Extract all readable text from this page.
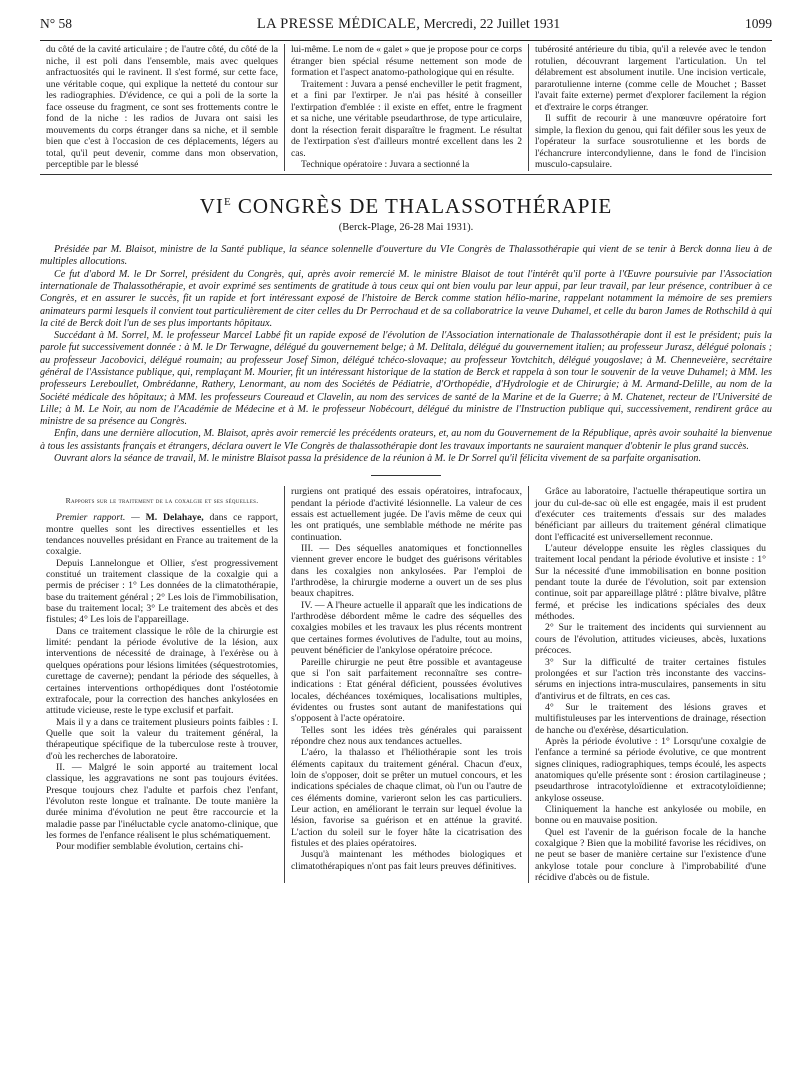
N° 58	LA PRESSE MÉDICALE, Mercredi, 22 Juillet 1931	1099

du côté de la cavité articulaire ; de l'autre côté, du côté de la niche, il est poli dans l'ensemble, mais avec quelques anfractuosités qui le ravinent. Il s'est formé, sur cette face, une véritable coque, qui explique la netteté du contour sur les radiographies. D'évidence, ce qui a poli de la sorte la face osseuse du fragment, ce sont ses frottements contre le fond de la niche : les radios de Juvara ont saisi les mouvements du corps étranger dans sa niche, et il semble bien que c'est à l'occasion de ces déplacements, légers au total, qu'il peut devenir, comme dans mon observation, perceptible par le blessé

lui-même. Le nom de « galet » que je propose pour ce corps étranger bien spécial résume nettement son mode de formation et l'aspect anatomo-pathologique qui en résulte.

Traitement : Juvara a pensé encheviller le petit fragment, et a fini par l'extirper. Je n'ai pas hésité à conseiller l'extirpation d'emblée : il existe en effet, entre le fragment et sa niche, une véritable pseudarthrose, de type articulaire, dont la résection ferait disparaître le fragment. Le résultat de l'extirpation s'est d'ailleurs montré excellent dans les 2 cas.

Technique opératoire : Juvara a sectionné la

tubérosité antérieure du tibia, qu'il a relevée avec le tendon rotulien, découvrant largement l'articulation. Un tel délabrement est absolument inutile. Une incision verticale, pararotulienne interne (comme celle de Mouchet ; Basset l'avait faite externe) permet d'explorer facilement la région et d'extraire le corps étranger.

Il suffit de recourir à une manœuvre opératoire fort simple, la flexion du genou, qui fait défiler sous les yeux de l'opérateur la surface sousrotulienne et les bords de l'échancrure intercondylienne, dans le fond de l'incision musculo-capsulaire.

$VI^E$ CONGRÈS DE THALASSOTHÉRAPIE
(Berck-Plage, 26-28 Mai 1931).

Présidée par M. Blaisot, ministre de la Santé publique, la séance solennelle d'ouverture du VIe Congrès de Thalassothérapie qui vient de se tenir à Berck donna lieu à de multiples allocutions.

Ce fut d'abord M. le Dr Sorrel, président du Congrès, qui, après avoir remercié M. le ministre Blaisot de tout l'intérêt qu'il porte à l'Œuvre poursuivie par l'Association internationale de Thalassothérapie, et avoir exprimé ses sentiments de gratitude à tous ceux qui ont bien voulu par leur appui, par leur travail, par leur présence, contribuer à ce Congrès, et en assurer le succès, fit un rapide et fort intéressant exposé de l'histoire de Berck comme station hélio-marine, rappelant notamment la mémoire de ses premiers animateurs parmi lesquels il convient tout particulièrement de citer celles du Dr Perrochaud et de sa collaboratrice la veuve Duhamel, et celle du baron James de Rothschild à qui la cité de Berck doit l'un de ses plus importants hôpitaux.

Succédant à M. Sorrel, M. le professeur Marcel Labbé fit un rapide exposé de l'évolution de l'Association internationale de Thalassothérapie dont il est le président; puis la parole fut successivement donnée : à M. le Dr Terwagne, délégué du gouvernement belge; à M. Delitala, délégué du gouvernement italien; au professeur Jurasz, délégué polonais ; au professeur Jacobovici, délégué roumain; au professeur Josef Simon, délégué tchéco-slovaque; au professeur Yovtchitch, délégué yougoslave; à M. Chenneveière, secrétaire général de l'Assistance publique, qui, remplaçant M. Mourier, fit un intéressant historique de la station de Berck et rappela à son tour le souvenir de la veuve Duhamel; à MM. les professeurs Lereboullet, Ombrédanne, Rathery, Lenormant, au nom des Sociétés de Pédiatrie, d'Orthopédie, d'Hydrologie et de Chirurgie; à M. Armand-Delille, au nom de la Société médicale des hôpitaux; à MM. les professeurs Coureaud et Clavelin, au nom des services de santé de la Marine et de la Guerre; à M. Chatenet, recteur de l'Université de Lille; à M. Le Noir, au nom de l'Académie de Médecine et à M. le professeur Nobécourt, délégué du ministre de l'Instruction publique qui, successivement, rendirent grâce au ministre de sa présence au Congrès.

Enfin, dans une dernière allocution, M. Blaisot, après avoir remercié les précédents orateurs, et, au nom du Gouvernement de la République, après avoir souhaité la bienvenue à tous les assistants français et étrangers, déclara ouvert le VIe Congrès de thalassothérapie dont les travaux importants ne sauraient manquer d'obtenir le plus grand succès.

Ouvrant alors la séance de travail, M. le ministre Blaisot passa la présidence de la réunion à M. le Dr Sorrel qu'il félicita vivement de sa parfaite organisation.

Rapports sur le traitement de la coxalgie et ses séquelles.

Premier rapport. — M. Delahaye, dans ce rapport, montre quelles sont les directives essentielles et les tendances nouvelles présidant en France au traitement de la coxalgie.

Depuis Lannelongue et Ollier, s'est progressivement constitué un traitement classique de la coxalgie qui a permis de préciser : 1° Les données de la climatothérapie, base du traitement général ; 2° Les lois de l'immobilisation, base du traitement local; 3° Le traitement des abcès et des fistules; 4° Les lois de l'appareillage.

Dans ce traitement classique le rôle de la chirurgie est limité: pendant la période évolutive de la lésion, aux interventions de nécessité de drainage, à l'exérèse ou à quelques opérations pour lésions limitées (séquestrotomies, curettage de caverne); pendant la période des séquelles, à certaines interventions orthopédiques dont l'ostéotomie extrafocale, pour la correction des hanches ankylosées en attitude vicieuse, reste le type exclusif et parfait.

Mais il y a dans ce traitement plusieurs points faibles : I. Quelle que soit la valeur du traitement général, la thérapeutique spécifique de la tuberculose reste à trouver, d'où les recherches de laboratoire.

II. — Malgré le soin apporté au traitement local classique, les aggravations ne sont pas toujours évitées. Presque toujours chez l'adulte et parfois chez l'enfant, l'évoluton reste longue et traînante. De toute manière la durée minima d'évolution ne peut être raccourcie et la maladie passe par l'inéluctable cycle anatomo-clinique, que les formes de l'enfance réalisent le plus schématiquement.

Pour modifier semblable évolution, certains chi-

rurgiens ont pratiqué des essais opératoires, intrafocaux, pendant la période d'activité lésionnelle. La valeur de ces essais est actuellement jugée. De l'avis même de ceux qui les ont pratiqués, une semblable méthode ne mérite pas continuation.

III. — Des séquelles anatomiques et fonctionnelles viennent grever encore le budget des guérisons véritables dans les coxalgies non ankylosées. Par l'emploi de l'arthrodèse, la chirurgie moderne a ouvert un de ses plus beaux chapitres.

IV. — A l'heure actuelle il apparaît que les indications de l'arthrodèse débordent même le cadre des séquelles des coxalgies mobiles et les travaux les plus récents montrent que certaines formes évolutives de l'adulte, tout au moins, peuvent bénéficier de l'ankylose opératoire précoce.

Pareille chirurgie ne peut être possible et avantageuse que si l'on sait parfaitement reconnaître ses contre-indications : Etat général déficient, poussées évolutives locales, déchéances toxémiques, localisations multiples, évidentes ou frustes sont autant de manifestations qui s'opposent à l'acte opératoire.

Telles sont les idées très générales qui paraissent répondre chez nous aux tendances actuelles.

L'aéro, la thalasso et l'héliothérapie sont les trois éléments capitaux du traitement général. Chacun d'eux, loin de s'opposer, doit se prêter un mutuel concours, et les indications spéciales de chaque climat, où l'un ou l'autre de ces éléments domine, varieront selon les cas particuliers. Leur action, en améliorant le terrain sur lequel évolue la lésion, favorise sa guérison et en atténue la gravité. L'action du soleil sur le foyer hâte la cicatrisation des fistules et des plaies opératoires.

Jusqu'à maintenant les méthodes biologiques et climatothérapiques n'ont pas fait leurs preuves définitives.

Grâce au laboratoire, l'actuelle thérapeutique sortira un jour du cul-de-sac où elle est engagée, mais il est prudent d'exécuter ces traitements d'essais sur des malades bénéficiant par ailleurs du traitement général climatique dont l'efficacité est universellement reconnue.

L'auteur développe ensuite les règles classiques du traitement local pendant la période évolutive et insiste : 1° Sur la nécessité d'une immobilisation en bonne position pendant toute la durée de l'évolution, soit par extension continue, soit par appareillage plâtré : plâtre bivalve, plâtre fermé, et précise les indications spéciales des deux méthodes.

2° Sur le traitement des incidents qui surviennent au cours de l'évolution, attitudes vicieuses, abcès, luxations précoces.

3° Sur la difficulté de traiter certaines fistules prolongées et sur l'action très inconstante des vaccins-sérums en injections intra-musculaires, pansements in situ d'antivirus et de filtrats, en ces cas.

4° Sur le traitement des lésions graves et multifistuleuses par les interventions de drainage, résection de hanche ou d'exérèse, désarticulation.

Après la période évolutive : 1° Lorsqu'une coxalgie de l'enfance a terminé sa période évolutive, ce que montrent signes cliniques, radiographiques, temps écoulé, les aspects anatomiques qu'elle présente sont : érosion cartilagineuse ; pseudarthrose intracotyloïdienne et extracotyloïdienne; ankylose osseuse.

Cliniquement la hanche est ankylosée ou mobile, en bonne ou en mauvaise position.

Quel est l'avenir de la guérison focale de la hanche coxalgique ? Bien que la mobilité favorise les récidives, on ne peut se baser de manière certaine sur l'existence d'une ankylose totale pour conclure à l'improbabilité d'une récidive d'abcès ou de fistule.
